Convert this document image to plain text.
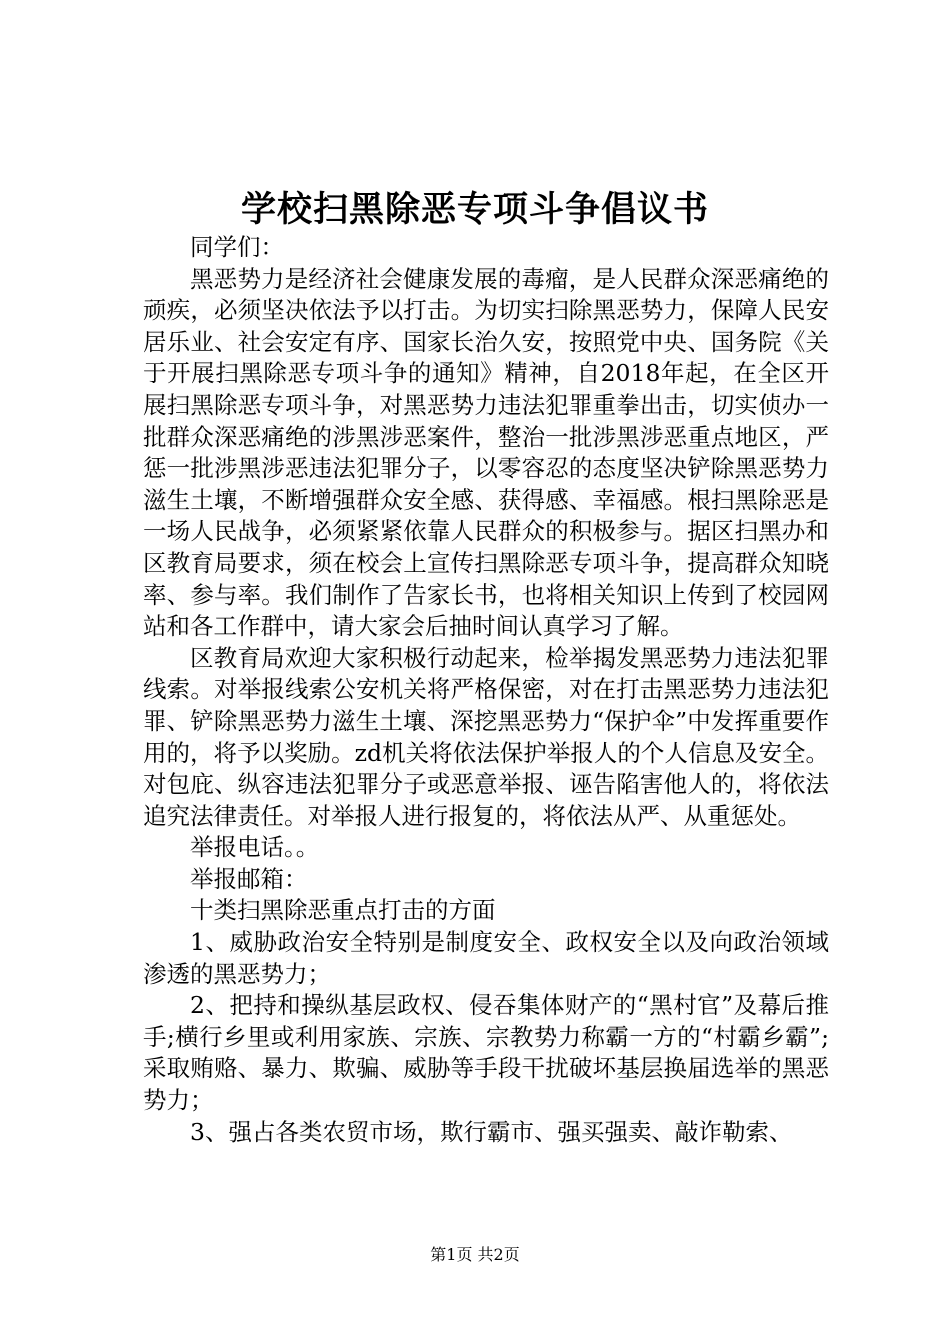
学校扫黑除恶专项斗争倡议书

同学们：

黑恶势力是经济社会健康发展的毒瘤，是人民群众深恶痛绝的顽疾，必须坚决依法予以打击。为切实扫除黑恶势力，保障人民安居乐业、社会安定有序、国家长治久安，按照党中央、国务院《关于开展扫黑除恶专项斗争的通知》精神，自2018年起，在全区开展扫黑除恶专项斗争，对黑恶势力违法犯罪重拳出击，切实侦办一批群众深恶痛绝的涉黑涉恶案件，整治一批涉黑涉恶重点地区，严惩一批涉黑涉恶违法犯罪分子，以零容忍的态度坚决铲除黑恶势力滋生土壤，不断增强群众安全感、获得感、幸福感。根扫黑除恶是一场人民战争，必须紧紧依靠人民群众的积极参与。据区扫黑办和区教育局要求，须在校会上宣传扫黑除恶专项斗争，提高群众知晓率、参与率。我们制作了告家长书，也将相关知识上传到了校园网站和各工作群中，请大家会后抽时间认真学习了解。

区教育局欢迎大家积极行动起来，检举揭发黑恶势力违法犯罪线索。对举报线索公安机关将严格保密，对在打击黑恶势力违法犯罪、铲除黑恶势力滋生土壤、深挖黑恶势力“保护伞”中发挥重要作用的，将予以奖励。zd机关将依法保护举报人的个人信息及安全。对包庇、纵容违法犯罪分子或恶意举报、诬告陷害他人的，将依法追究法律责任。对举报人进行报复的，将依法从严、从重惩处。

举报电话。。

举报邮箱：

十类扫黑除恶重点打击的方面

1、威胁政治安全特别是制度安全、政权安全以及向政治领域渗透的黑恶势力；

2、把持和操纵基层政权、侵吞集体财产的“黑村官”及幕后推手;横行乡里或利用家族、宗族、宗教势力称霸一方的“村霸乡霸”;采取贿赂、暴力、欺骗、威胁等手段干扰破坏基层换届选举的黑恶势力；

3、强占各类农贸市场，欺行霸市、强买强卖、敲诈勒索、

第1页 共2页
